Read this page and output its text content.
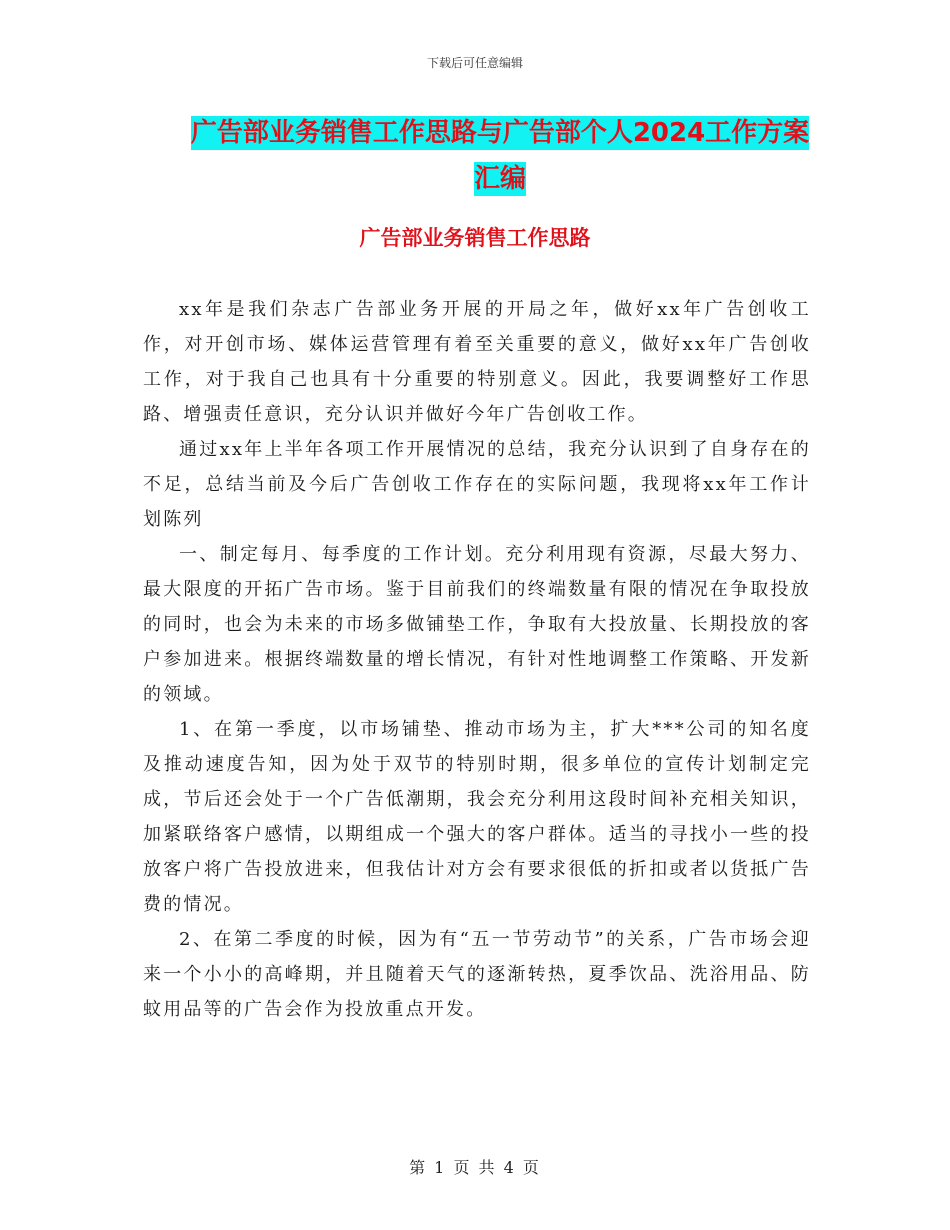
下载后可任意编辑
广告部业务销售工作思路与广告部个人2024工作方案
汇编
广告部业务销售工作思路

xx年是我们杂志广告部业务开展的开局之年，做好xx年广告创收工作，对开创市场、媒体运营管理有着至关重要的意义，做好xx年广告创收工作，对于我自己也具有十分重要的特别意义。因此，我要调整好工作思路、增强责任意识，充分认识并做好今年广告创收工作。

通过xx年上半年各项工作开展情况的总结，我充分认识到了自身存在的不足，总结当前及今后广告创收工作存在的实际问题，我现将xx年工作计划陈列

一、制定每月、每季度的工作计划。充分利用现有资源，尽最大努力、最大限度的开拓广告市场。鉴于目前我们的终端数量有限的情况在争取投放的同时，也会为未来的市场多做铺垫工作，争取有大投放量、长期投放的客户参加进来。根据终端数量的增长情况，有针对性地调整工作策略、开发新的领域。

1、在第一季度，以市场铺垫、推动市场为主，扩大***公司的知名度及推动速度告知，因为处于双节的特别时期，很多单位的宣传计划制定完成，节后还会处于一个广告低潮期，我会充分利用这段时间补充相关知识，加紧联络客户感情，以期组成一个强大的客户群体。适当的寻找小一些的投放客户将广告投放进来，但我估计对方会有要求很低的折扣或者以货抵广告费的情况。

2、在第二季度的时候，因为有“五一节劳动节”的关系，广告市场会迎来一个小小的高峰期，并且随着天气的逐渐转热，夏季饮品、洗浴用品、防蚊用品等的广告会作为投放重点开发。

第 1 页 共 4 页
